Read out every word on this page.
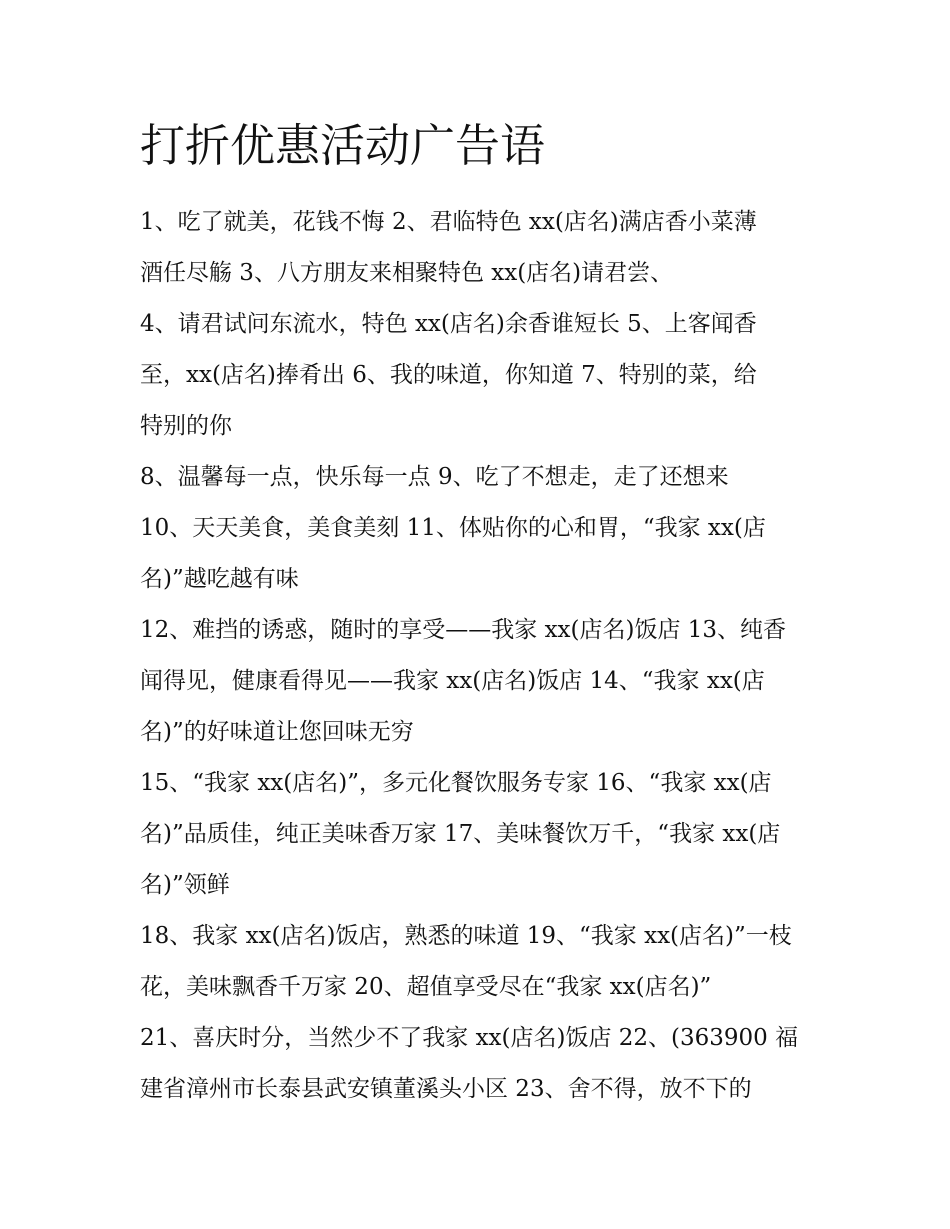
打折优惠活动广告语

1、吃了就美，花钱不悔 2、君临特色 xx(店名)满店香小菜薄

酒任尽觞 3、八方朋友来相聚特色 xx(店名)请君尝、

4、请君试问东流水，特色 xx(店名)余香谁短长 5、上客闻香

至，xx(店名)捧肴出 6、我的味道，你知道 7、特别的菜，给

特别的你

8、温馨每一点，快乐每一点 9、吃了不想走，走了还想来

10、天天美食，美食美刻 11、体贴你的心和胃，“我家 xx(店

名)”越吃越有味

12、难挡的诱惑，随时的享受——我家 xx(店名)饭店 13、纯香

闻得见，健康看得见——我家 xx(店名)饭店 14、“我家 xx(店

名)”的好味道让您回味无穷

15、“我家 xx(店名)”，多元化餐饮服务专家 16、“我家 xx(店

名)”品质佳，纯正美味香万家 17、美味餐饮万千，“我家 xx(店

名)”领鲜

18、我家 xx(店名)饭店，熟悉的味道 19、“我家 xx(店名)”一枝

花，美味飘香千万家 20、超值享受尽在“我家 xx(店名)”

21、喜庆时分，当然少不了我家 xx(店名)饭店 22、(363900 福

建省漳州市长泰县武安镇董溪头小区 23、舍不得，放不下的
